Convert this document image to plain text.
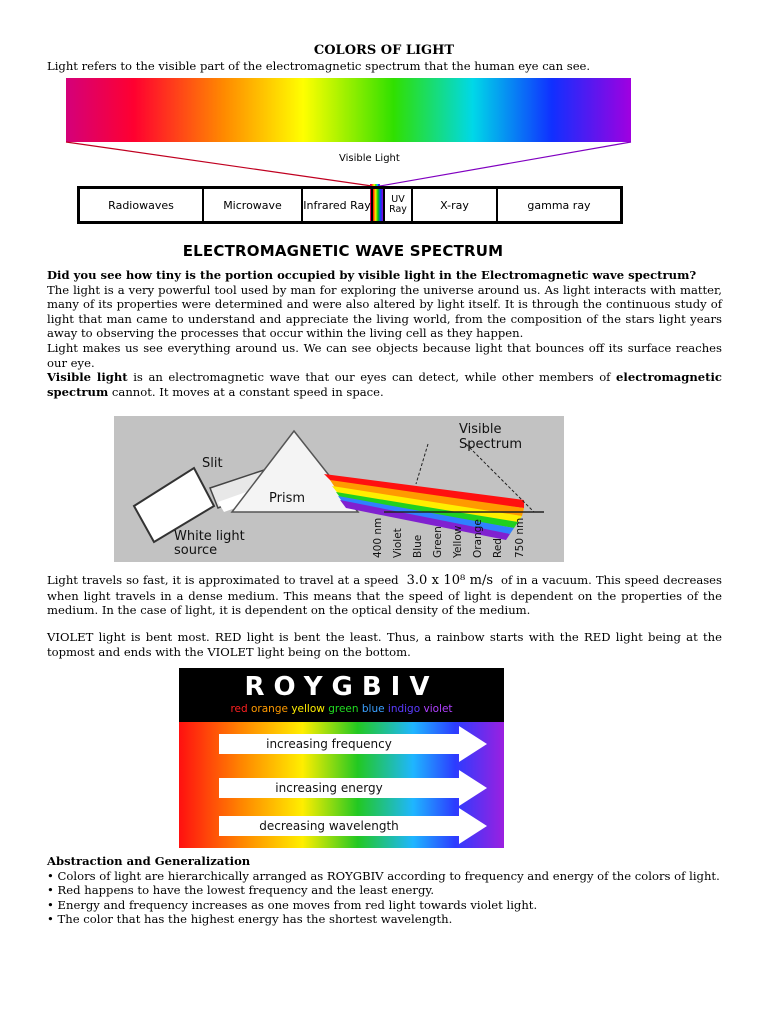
COLORS OF LIGHT
Light refers to the visible part of the electromagnetic spectrum that the human eye can see.
Visible Light
Radiowaves	Microwave	Infrared Ray	UV Ray	X-ray	gamma ray
ELECTROMAGNETIC WAVE SPECTRUM
Did you see how tiny is the portion occupied by visible light in the Electromagnetic wave spectrum?
The light is a very powerful tool used by man for exploring the universe around us. As light interacts with matter, many of its properties were determined and were also altered by light itself. It is through the continuous study of light that man came to understand and appreciate the living world, from the composition of the stars light years away to observing the processes that occur within the living cell as they happen.
Light makes us see everything around us. We can see objects because light that bounces off its surface reaches our eye.
Visible light is an electromagnetic wave that our eyes can detect, while other members of electromagnetic spectrum cannot. It moves at a constant speed in space.
Slit
Prism
White light
source
Visible
Spectrum
400 nm Violet Blue Green Yellow Orange Red 750 nm
Light travels so fast, it is approximated to travel at a speed 3.0 x 10⁸ m/s of in a vacuum. This speed decreases when light travels in a dense medium. This means that the speed of light is dependent on the properties of the medium. In the case of light, it is dependent on the optical density of the medium.
VIOLET light is bent most. RED light is bent the least. Thus, a rainbow starts with the RED light being at the topmost and ends with the VIOLET light being on the bottom.
ROYGBIV
red orange yellow green blue indigo violet
increasing frequency
increasing energy
decreasing wavelength
Abstraction and Generalization
• Colors of light are hierarchically arranged as ROYGBIV according to frequency and energy of the colors of light.
• Red happens to have the lowest frequency and the least energy.
• Energy and frequency increases as one moves from red light towards violet light.
• The color that has the highest energy has the shortest wavelength.
